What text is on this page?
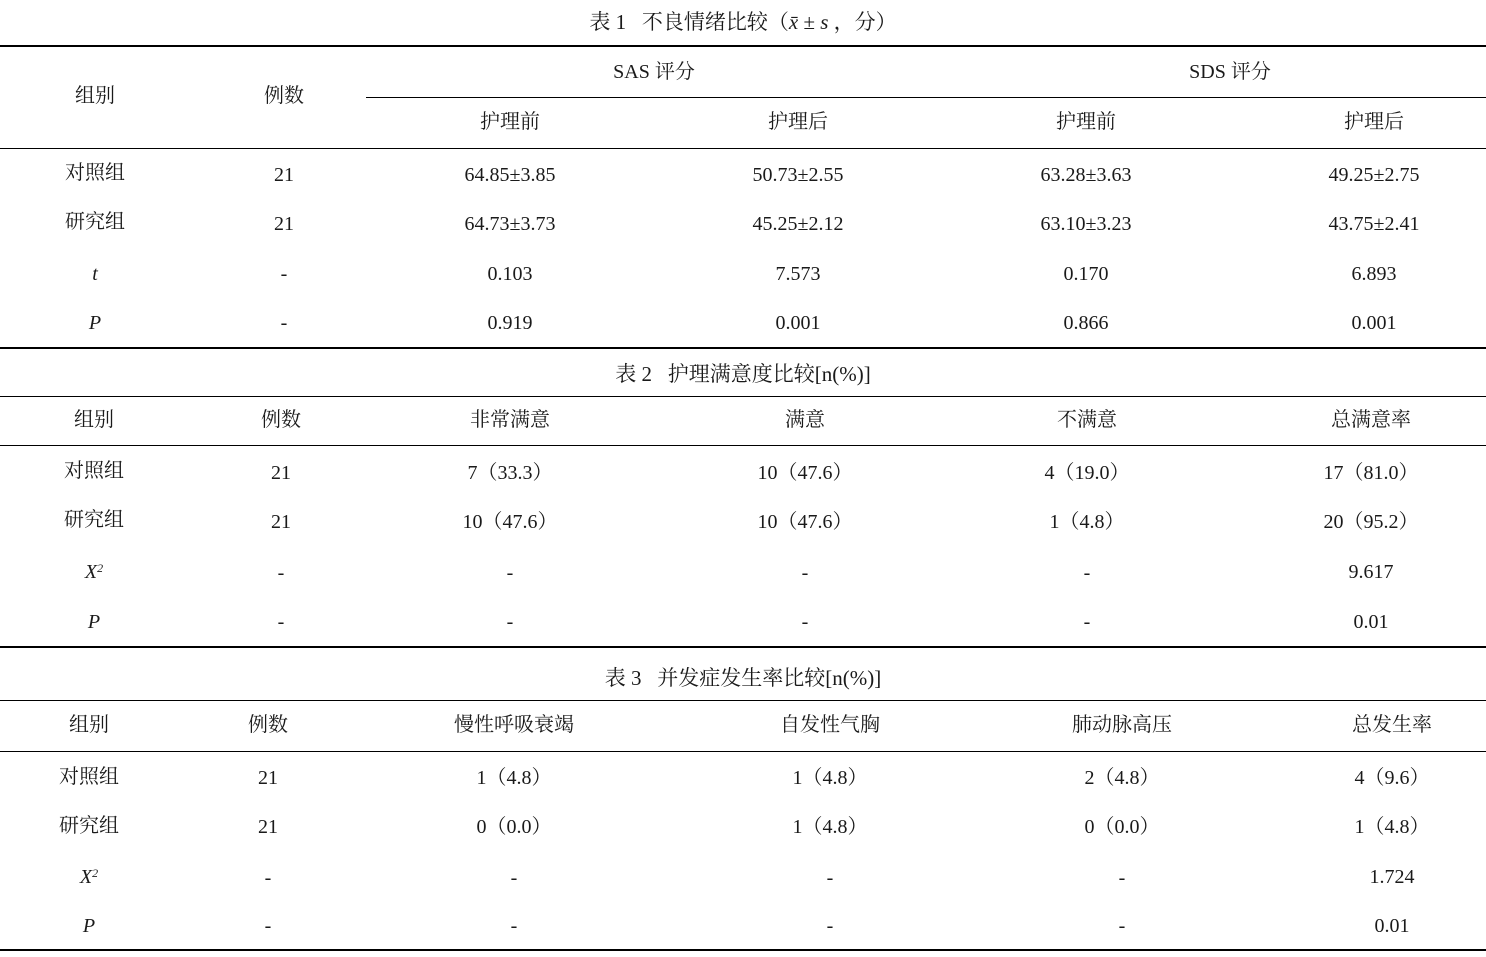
表 1   不良情绪比较（x̄ ± s ，分）
组别	例数
SAS 评分	SDS 评分
护理前	护理后	护理前	护理后
对照组	21	64.85±3.85	50.73±2.55	63.28±3.63	49.25±2.75
研究组	21	64.73±3.73	45.25±2.12	63.10±3.23	43.75±2.41
t	-	0.103	7.573	0.170	6.893
P	-	0.919	0.001	0.866	0.001
表 2   护理满意度比较[n(%)]
组别	例数	非常满意	满意	不满意	总满意率
对照组	21	7（33.3）	10（47.6）	4（19.0）	17（81.0）
研究组	21	10（47.6）	10（47.6）	1（4.8）	20（95.2）
$X^2$	-	-	-	-	9.617
P	-	-	-	-	0.01
表 3   并发症发生率比较[n(%)]
组别	例数	慢性呼吸衰竭	自发性气胸	肺动脉高压	总发生率
对照组	21	1（4.8）	1（4.8）	2（4.8）	4（9.6）
研究组	21	0（0.0）	1（4.8）	0（0.0）	1（4.8）
$X^2$	-	-	-	-	1.724
P	-	-	-	-	0.01
